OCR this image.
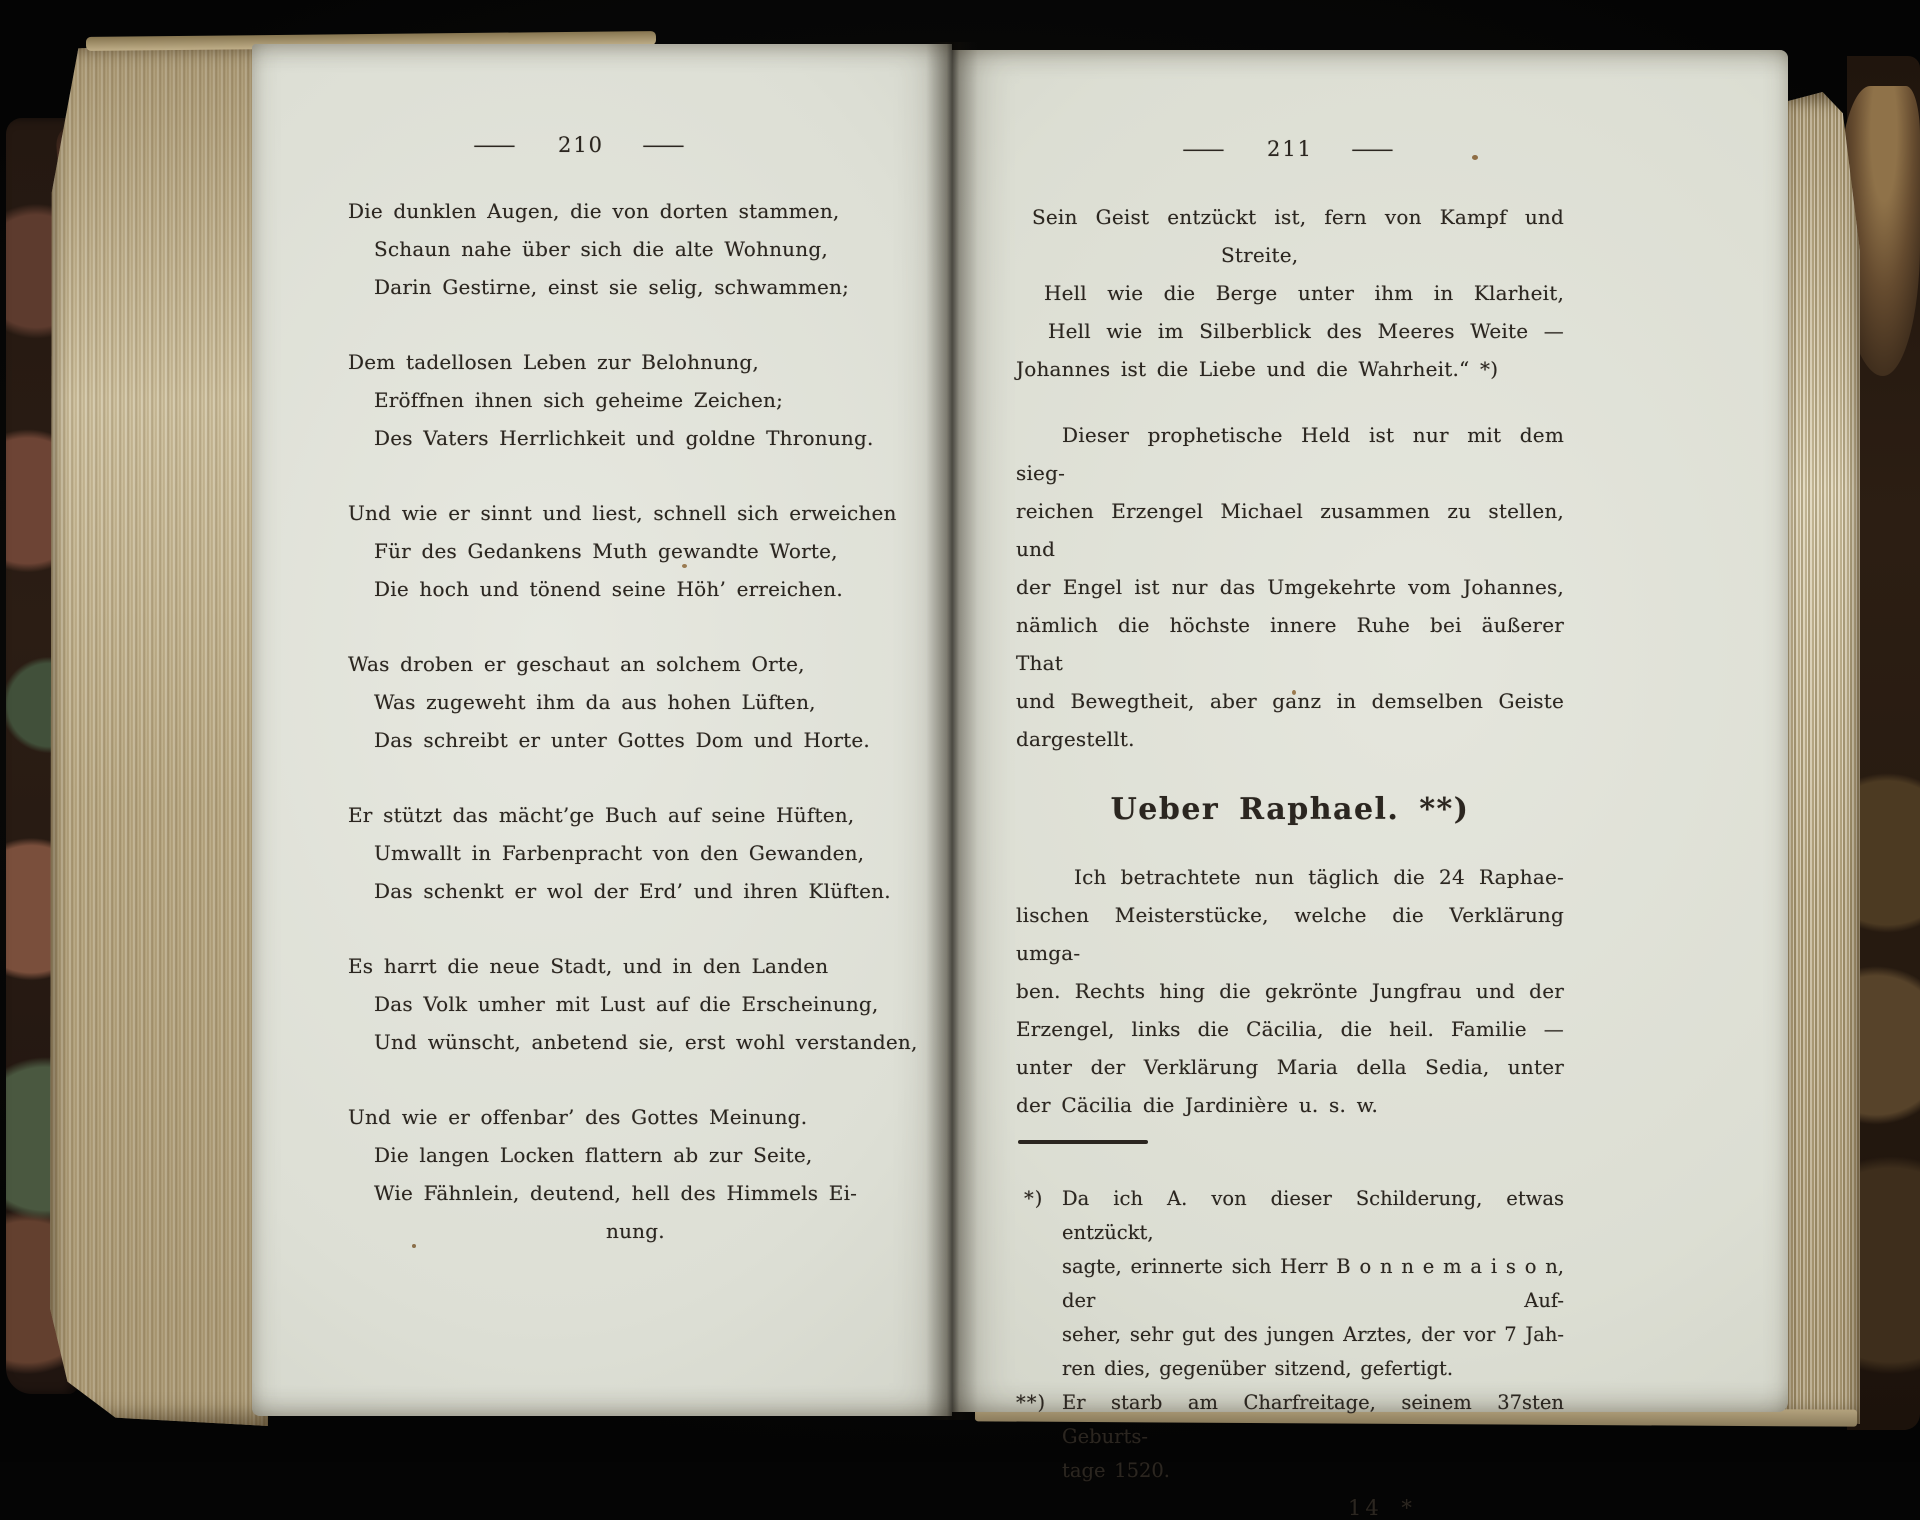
— 210 —
Die dunklen Augen, die von dorten stammen,
Schaun nahe über sich die alte Wohnung,
Darin Gestirne, einst sie selig, schwammen;
Dem tadellosen Leben zur Belohnung,
Eröffnen ihnen sich geheime Zeichen;
Des Vaters Herrlichkeit und goldne Thronung.
Und wie er sinnt und liest, schnell sich erweichen
Für des Gedankens Muth gewandte Worte,
Die hoch und tönend seine Höh’ erreichen.
Was droben er geschaut an solchem Orte,
Was zugeweht ihm da aus hohen Lüften,
Das schreibt er unter Gottes Dom und Horte.
Er stützt das mächt’ge Buch auf seine Hüften,
Umwallt in Farbenpracht von den Gewanden,
Das schenkt er wol der Erd’ und ihren Klüften.
Es harrt die neue Stadt, und in den Landen
Das Volk umher mit Lust auf die Erscheinung,
Und wünscht, anbetend sie, erst wohl verstanden,
Und wie er offenbar’ des Gottes Meinung.
Die langen Locken flattern ab zur Seite,
Wie Fähnlein, deutend, hell des Himmels Ei-
nung.
— 211 —
Sein Geist entzückt ist, fern von Kampf und
Streite,
Hell wie die Berge unter ihm in Klarheit,
Hell wie im Silberblick des Meeres Weite —
Johannes ist die Liebe und die Wahrheit.“ *)
Dieser prophetische Held ist nur mit dem sieg-
reichen Erzengel Michael zusammen zu stellen, und
der Engel ist nur das Umgekehrte vom Johannes,
nämlich die höchste innere Ruhe bei äußerer That
und Bewegtheit, aber ganz in demselben Geiste
dargestellt.
Ueber Raphael. **)
Ich betrachtete nun täglich die 24 Raphae-
lischen Meisterstücke, welche die Verklärung umga-
ben. Rechts hing die gekrönte Jungfrau und der
Erzengel, links die Cäcilia, die heil. Familie —
unter der Verklärung Maria della Sedia, unter
der Cäcilia die Jardinière u. s. w.
*) Da ich A. von dieser Schilderung, etwas entzückt,
sagte, erinnerte sich Herr B o n n e m a i s o n, der Auf-
seher, sehr gut des jungen Arztes, der vor 7 Jah-
ren dies, gegenüber sitzend, gefertigt.
**) Er starb am Charfreitage, seinem 37sten Geburts-
tage 1520.
14 *
